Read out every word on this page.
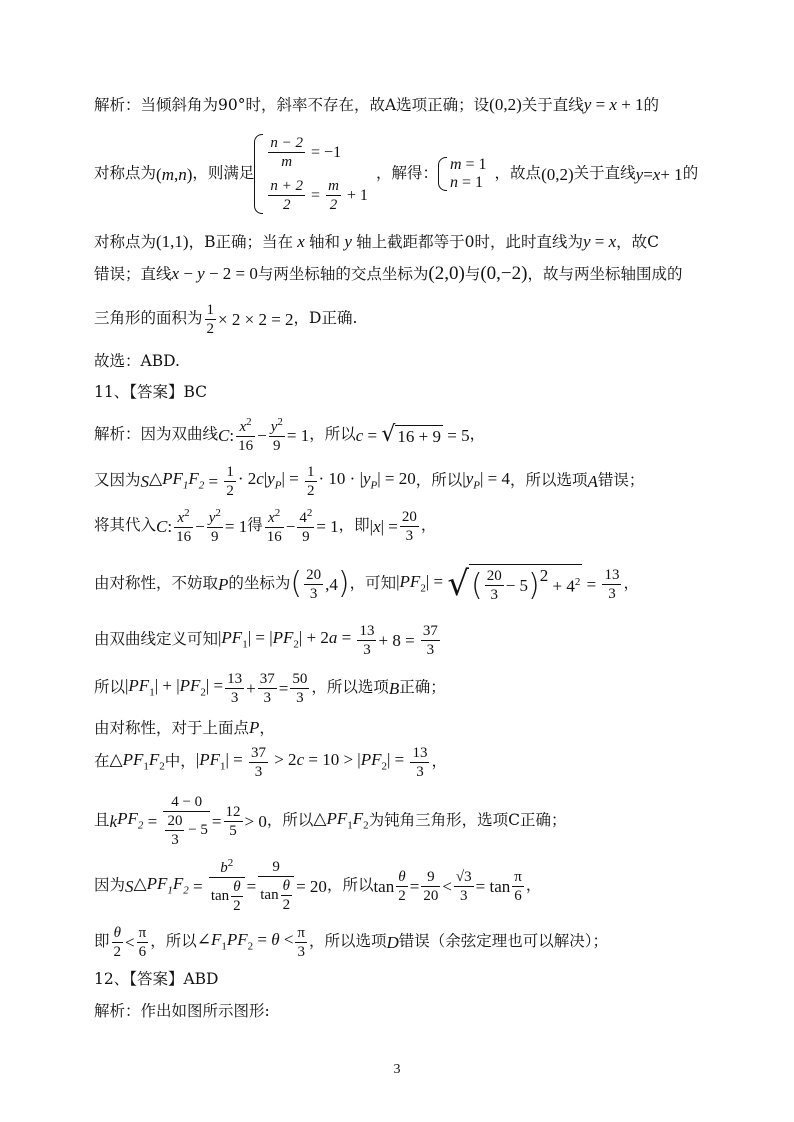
解析：当倾斜角为90°时，斜率不存在，故A选项正确；设(0,2)关于直线y = x + 1的
对称点为 ( m , n ) ，则满足
$\frac{n - 2}{m} = -1$
$\frac{n + 2}{2} = \frac{m}{2} + 1$
，解得： m = 1
n = 1
，故点 (0,2) 关于直线 y = x + 1 的
对称点为(1,1)，B正确；当在 x 轴和 y 轴上截距都等于0时，此时直线为y = x，故C
错误；直线x − y − 2 = 0与两坐标轴的交点坐标为(2,0)与(0,−2)，故与两坐标轴围成的
三角形的面积为 $\frac{1}{2} \times 2 \times 2 = 2$ ，D正确.
故选：ABD.
11、【答案】BC
解析：因为双曲线 C : $\frac{x^2}{16} - \frac{y^2}{9} = 1$ ，所以 c = √ 16 + 9 = 5 ，
又因为 S $\triangle PF_1F_2 = \frac{1}{2} \cdot 2c|y_P| = \frac{1}{2} \cdot 10 \cdot |y_P| = 20$ ，所以 $|y_P| = 4$ ，所以选项 A 错误；
将其代入 C : $\frac{x^2}{16} - \frac{y^2}{9} = 1$ 得 $\frac{x^2}{16} - \frac{4^2}{9} = 1$ ，即 $|x| = \frac{20}{3}$ ，
由对称性，不妨取 P 的坐标为 ( $\frac{20}{3} ,4$ ) ，可知 $|PF_2|$ = √ ( $\frac{20}{3} - 5$ ) 2
+ $4^2 = \frac{13}{3}$ ，
由双曲线定义可知 $|PF_1| = |PF_2| + 2a = \frac{13}{3} + 8 = \frac{37}{3}$
所以 $|PF_1| + |PF_2| = \frac{13}{3} + \frac{37}{3} = \frac{50}{3}$ ，所以选项 B 正确；
由对称性，对于上面点P，
在 $\triangle PF_1F_2$ 中， $|PF_1| = \frac{37}{3} > 2c = 10 > |PF_2| = \frac{13}{3}$ ，
且 k $PF_2 = \frac{4 - 0}{\frac{20}{3} - 5} = \frac{12}{5} > 0$ ，所以 $\triangle PF_1F_2$ 为钝角三角形，选项C正确；
因为 S $\triangle PF_1F_2 = \frac{b^2}{\tan \frac{\theta}{2}} = \frac{9}{\tan \frac{\theta}{2}} = 20$ ，所以 $\tan \frac{\theta}{2} = \frac{9}{20} < \frac{√3}{3} = \tan \frac{\pi}{6}$ ，
即 $\frac{\theta}{2} < \frac{\pi}{6}$ ，所以 $\angle F_1PF_2 = \theta < \frac{\pi}{3}$ ，所以选项 D 错误（余弦定理也可以解决）；
12、【答案】ABD
解析：作出如图所示图形:
3
